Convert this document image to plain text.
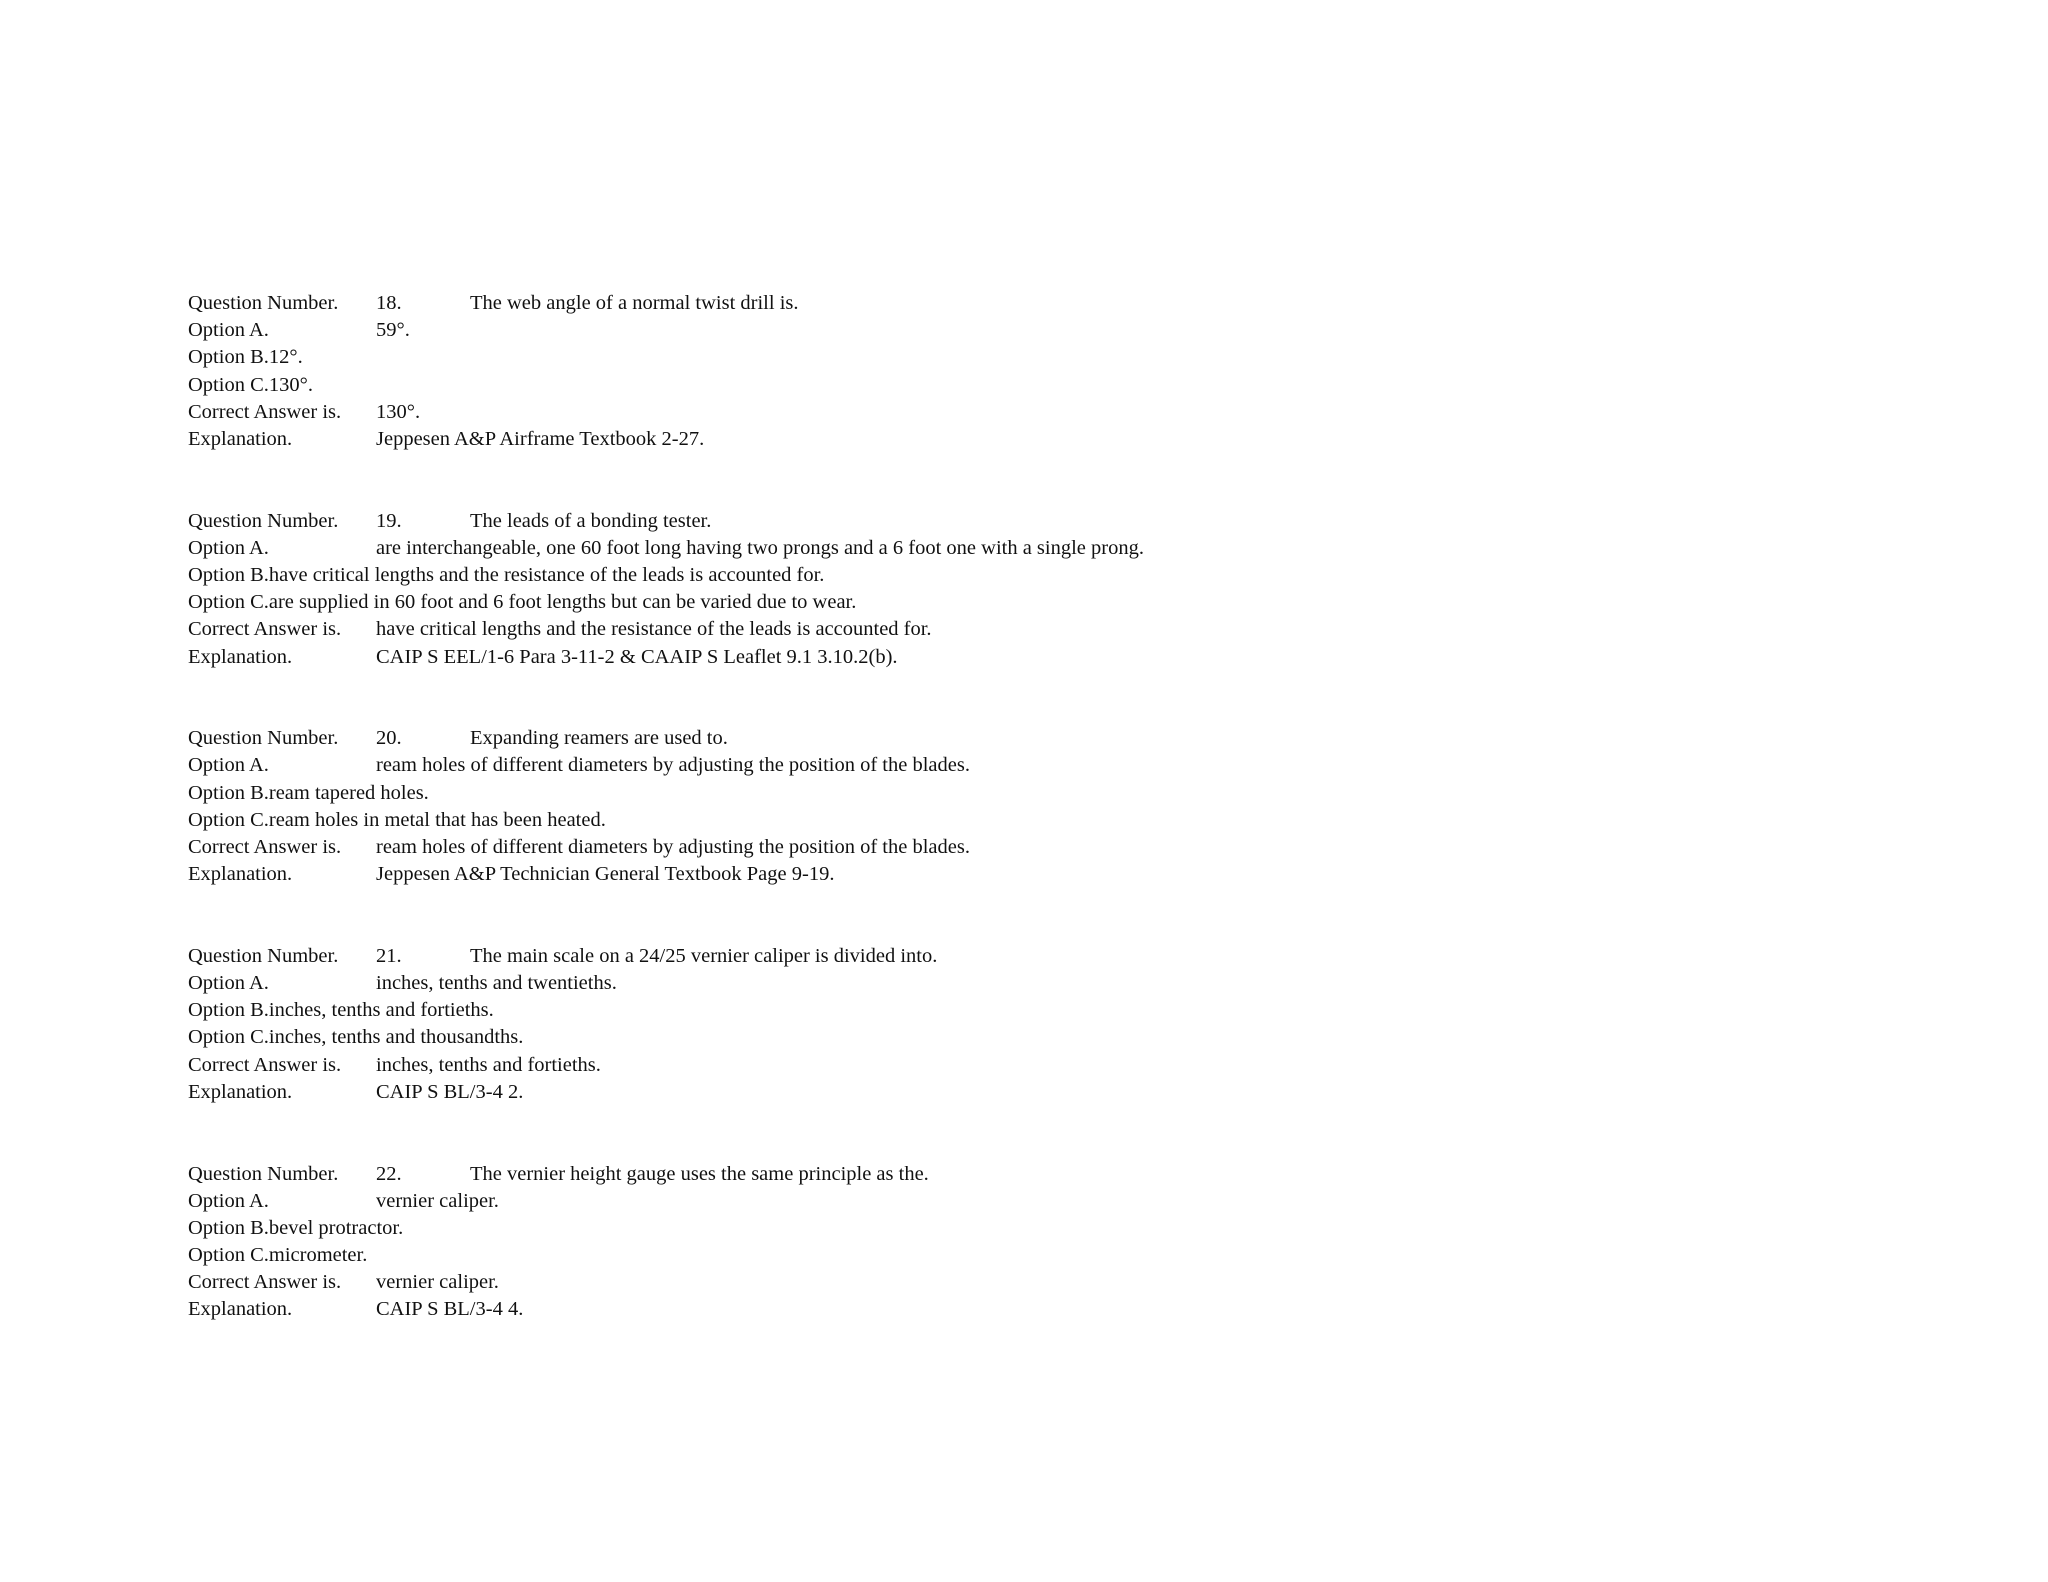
Question Number. 18.	The web angle of a normal twist drill is.
Option A.	59°.
Option B.12°.
Option C.130°.
Correct Answer is. 130°.
Explanation.	Jeppesen A&P Airframe Textbook 2-27.
Question Number. 19.	The leads of a bonding tester.
Option A.	are interchangeable, one 60 foot long having two prongs and a 6 foot one with a single prong.
Option B.have critical lengths and the resistance of the leads is accounted for.
Option C.are supplied in 60 foot and 6 foot lengths but can be varied due to wear.
Correct Answer is. have critical lengths and the resistance of the leads is accounted for.
Explanation.	CAIP S EEL/1-6 Para 3-11-2 & CAAIP S Leaflet 9.1 3.10.2(b).
Question Number. 20.	Expanding reamers are used to.
Option A.	ream holes of different diameters by adjusting the position of the blades.
Option B.ream tapered holes.
Option C.ream holes in metal that has been heated.
Correct Answer is. ream holes of different diameters by adjusting the position of the blades.
Explanation.	Jeppesen A&P Technician General Textbook Page 9-19.
Question Number. 21.	The main scale on a 24/25 vernier caliper is divided into.
Option A.	inches, tenths and twentieths.
Option B.inches, tenths and fortieths.
Option C.inches, tenths and thousandths.
Correct Answer is. inches, tenths and fortieths.
Explanation.	CAIP S BL/3-4 2.
Question Number. 22.	The vernier height gauge uses the same principle as the.
Option A.	vernier caliper.
Option B.bevel protractor.
Option C.micrometer.
Correct Answer is. vernier caliper.
Explanation.	CAIP S BL/3-4 4.
